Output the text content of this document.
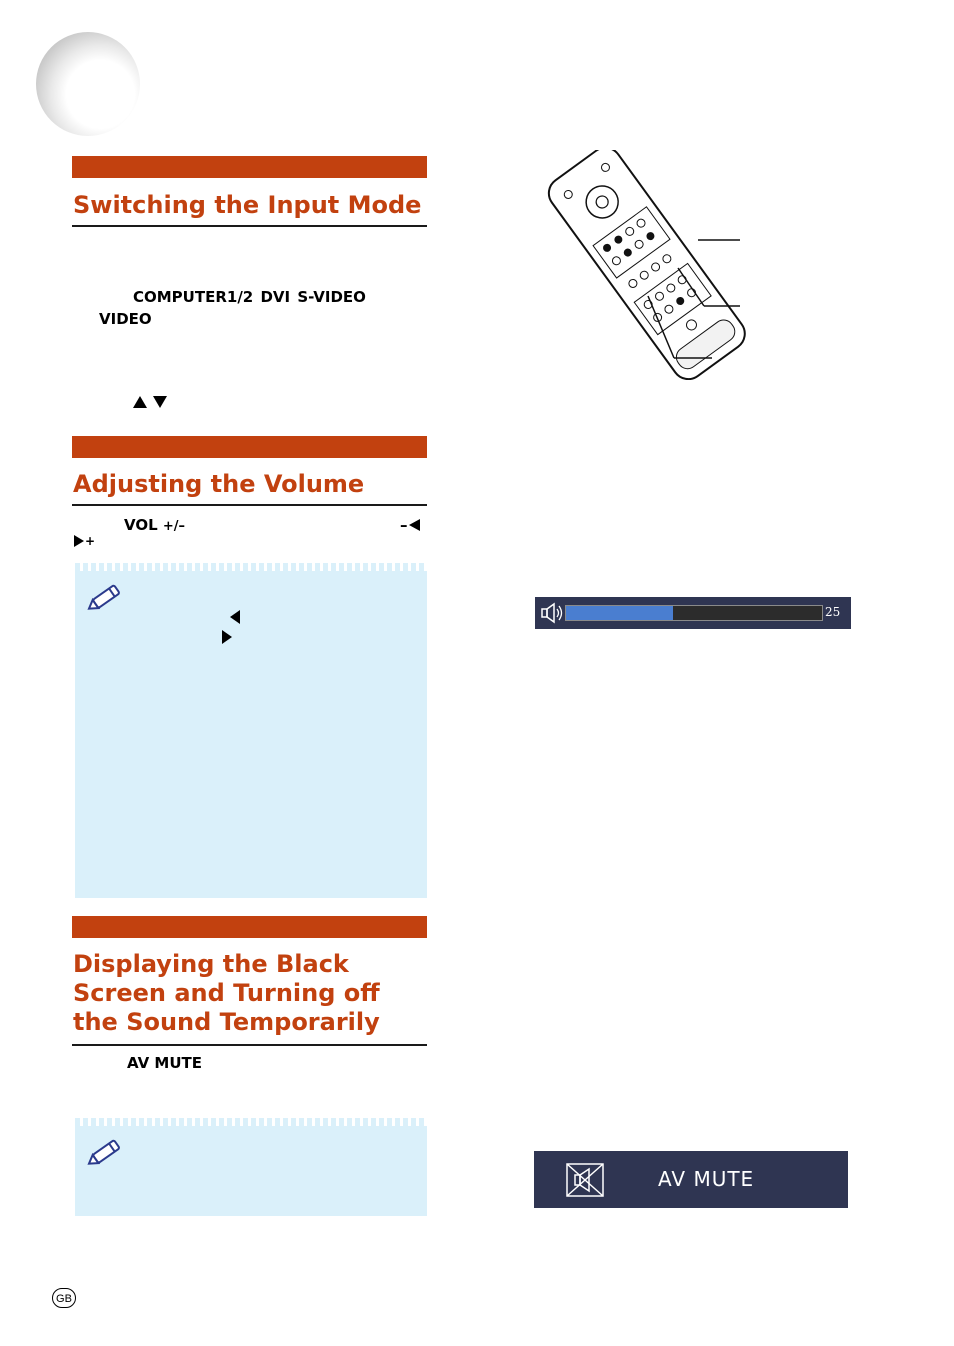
Switching the Input Mode
COMPUTER1/2 DVI S-VIDEO
VIDEO
Adjusting the Volume
VOL +/–	–
+
Displaying the Black
Screen and Turning off
the Sound Temporarily
AV MUTE
25
AV MUTE
GB
